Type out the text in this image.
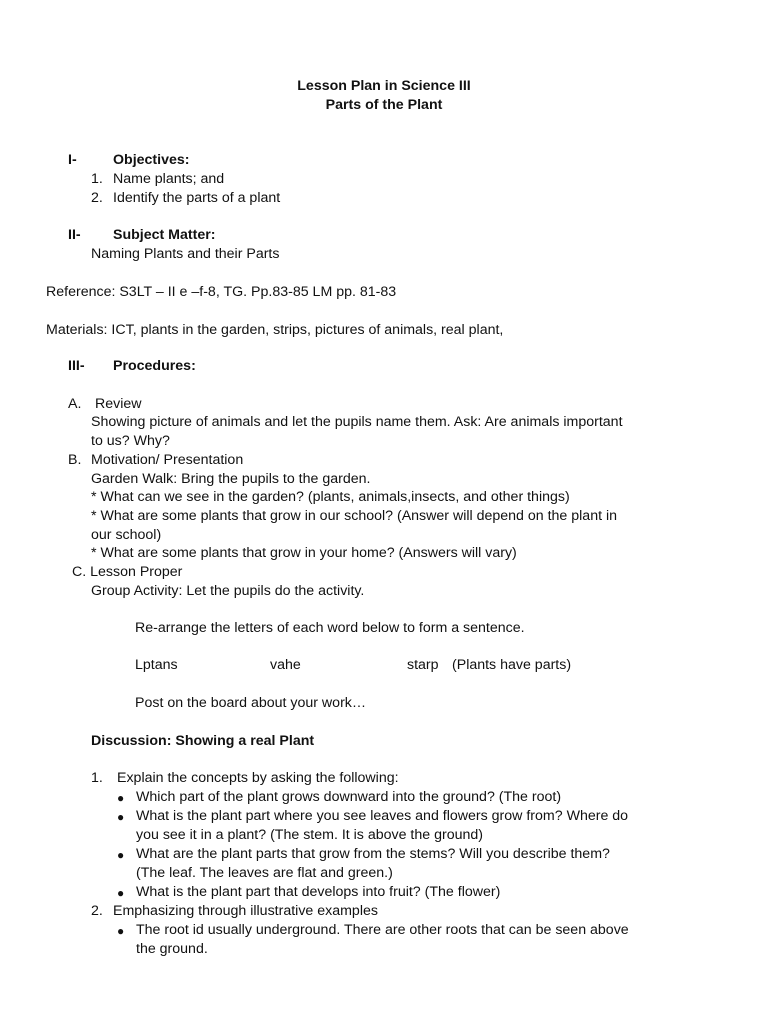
Lesson Plan in Science III
Parts of the Plant
I-	Objectives:
1. Name plants; and
2. Identify the parts of a plant
II- Subject Matter:
Naming Plants and their Parts
Reference: S3LT – II e –f-8, TG. Pp.83-85 LM pp. 81-83
Materials: ICT, plants in the garden, strips, pictures of animals, real plant,
III- Procedures:
A. Review
Showing picture of animals and let the pupils name them. Ask: Are animals important
to us? Why?
B. Motivation/ Presentation
Garden Walk: Bring the pupils to the garden.
* What can we see in the garden? (plants, animals,insects, and other things)
* What are some plants that grow in our school? (Answer will depend on the plant in
our school)
* What are some plants that grow in your home? (Answers will vary)
C. Lesson Proper
Group Activity: Let the pupils do the activity.
Re-arrange the letters of each word below to form a sentence.
Lptans	vahe	starp (Plants have parts)
Post on the board about your work…
Discussion: Showing a real Plant
1. Explain the concepts by asking the following:
● Which part of the plant grows downward into the ground? (The root)
● What is the plant part where you see leaves and flowers grow from? Where do
you see it in a plant? (The stem. It is above the ground)
● What are the plant parts that grow from the stems? Will you describe them?
(The leaf. The leaves are flat and green.)
● What is the plant part that develops into fruit? (The flower)
2. Emphasizing through illustrative examples
● The root id usually underground. There are other roots that can be seen above
the ground.
